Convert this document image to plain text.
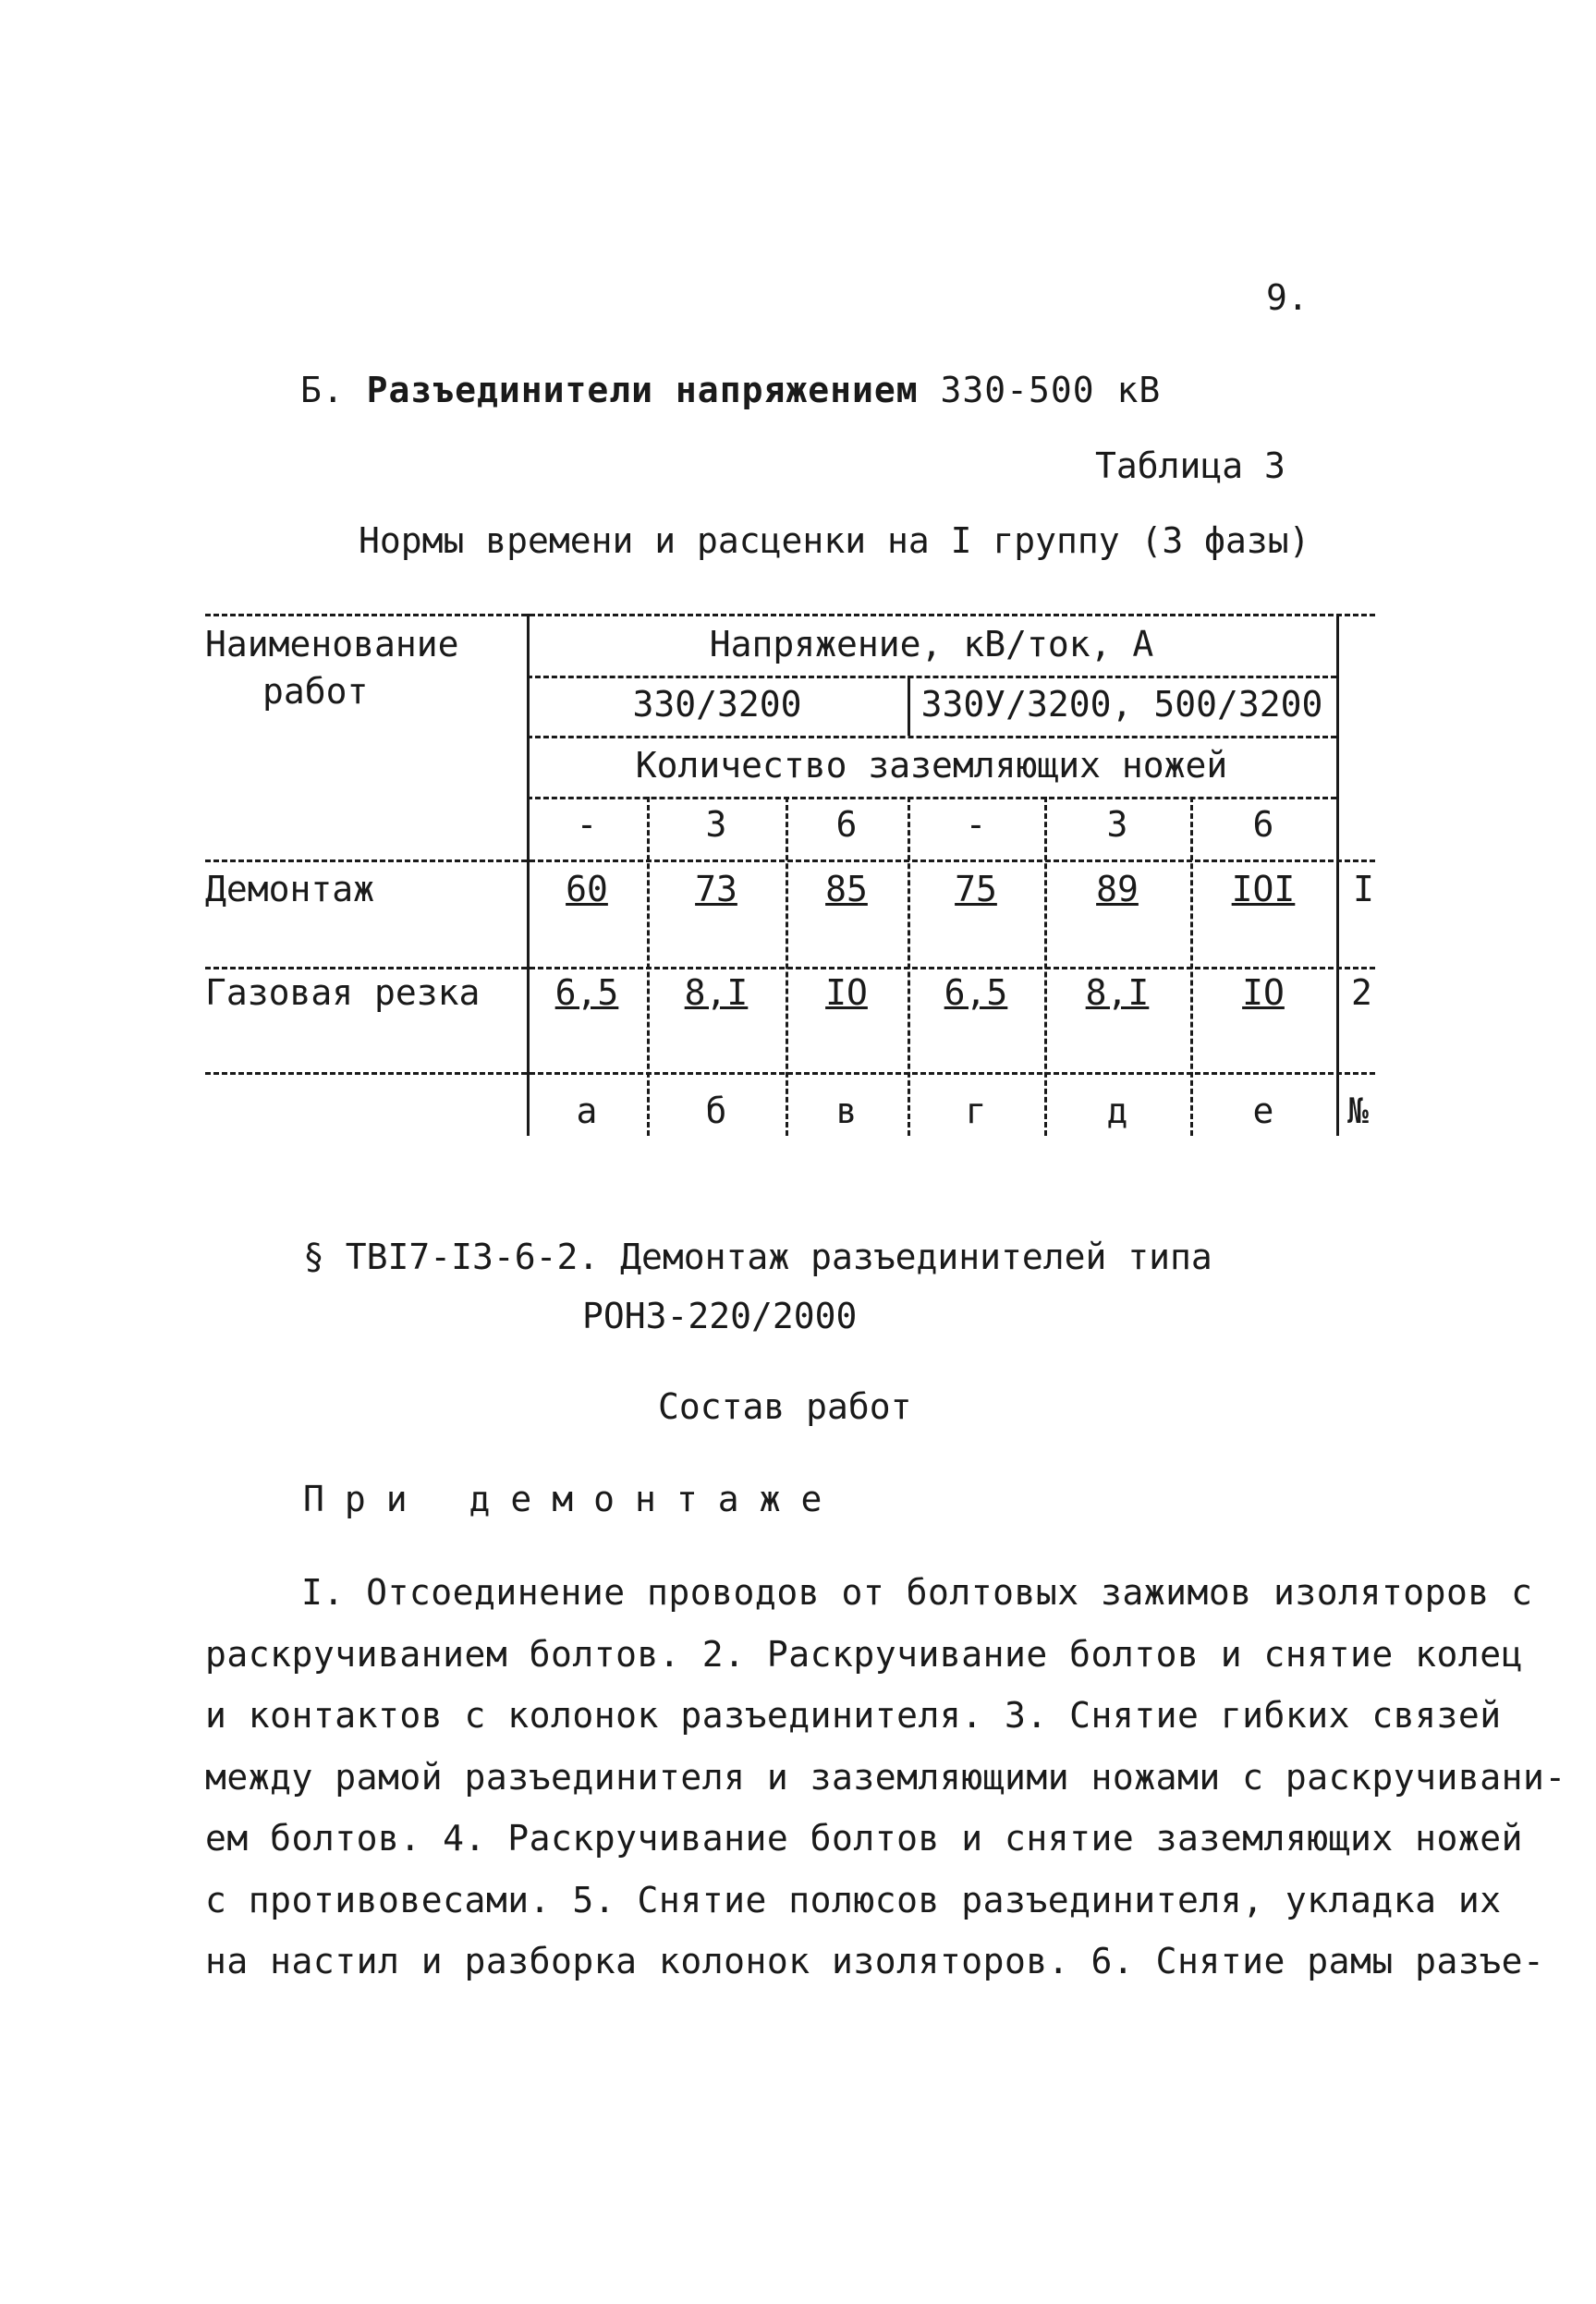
9.
Б. Разъединители напряжением 330-500 кВ
Таблица 3
Нормы времени и расценки на I группу (3 фазы)
Наименование
работ
Напряжение, кВ/ток, А
330/3200	330У/3200, 500/3200
Количество заземляющих ножей
-	3	6	-	3	6
Демонтаж	60	73	85	75	89	IOI	I
Газовая резка	6,5	8,I	IO	6,5	8,I	IO	2
а	б	в	г	д	е	№
§ ТВI7-I3-6-2. Демонтаж разъединителей типа
РОНЗ-220/2000
Состав работ
При демонтаже
I. Отсоединение проводов от болтовых зажимов изоляторов с
раскручиванием болтов. 2. Раскручивание болтов и снятие колец
и контактов с колонок разъединителя. 3. Снятие гибких связей
между рамой разъединителя и заземляющими ножами с раскручивани-
ем болтов. 4. Раскручивание болтов и снятие заземляющих ножей
с противовесами. 5. Снятие полюсов разъединителя, укладка их
на настил и разборка колонок изоляторов. 6. Снятие рамы разъе-
